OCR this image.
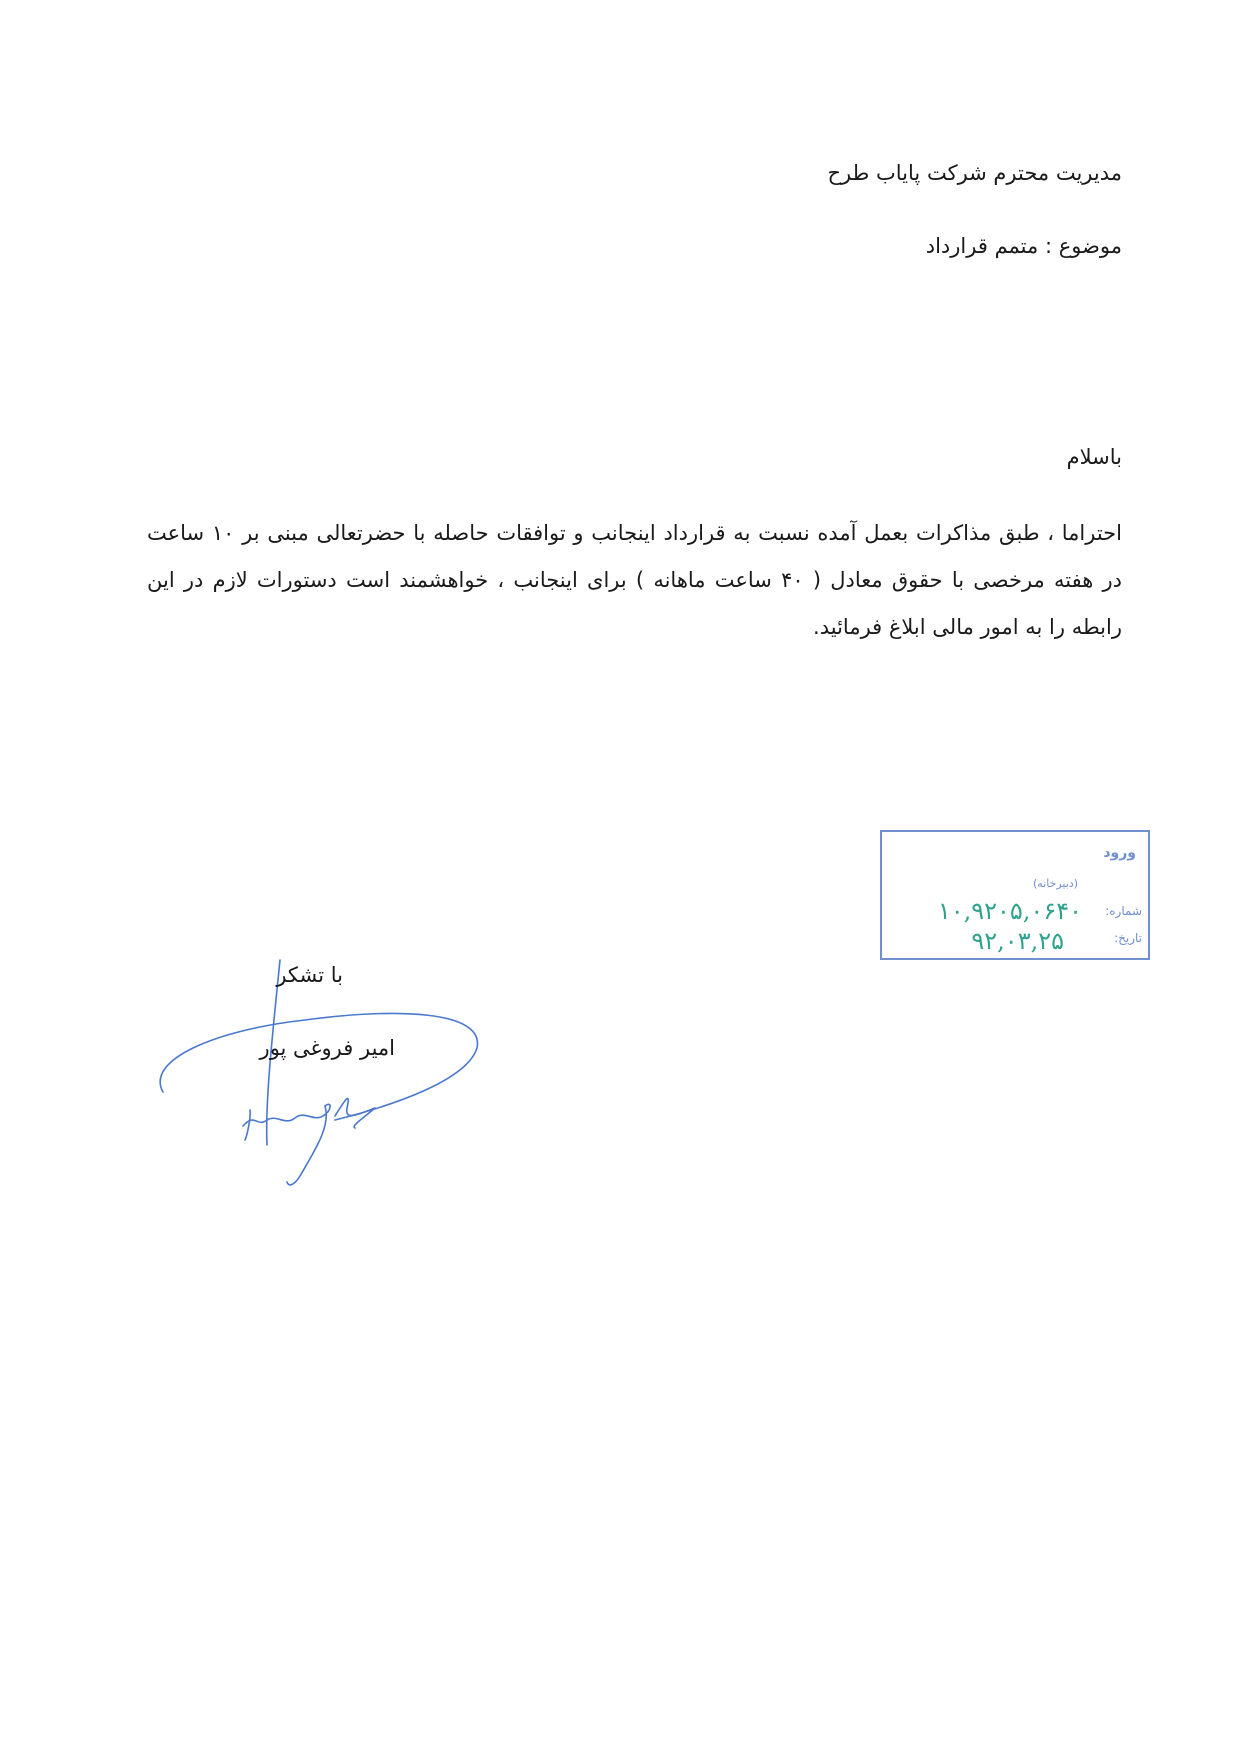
مدیریت محترم شرکت پایاب طرح
موضوع : متمم قرارداد
باسلام
احتراما ، طبق مذاکرات بعمل آمده نسبت به قرارداد اینجانب و توافقات حاصله با حضرتعالی مبنی بر ۱۰ ساعت در هفته مرخصی با حقوق معادل ( ۴۰ ساعت ماهانه ) برای اینجانب ، خواهشمند است دستورات لازم در این رابطه را به امور مالی ابلاغ فرمائید.
ورود
(دبیرخانه)
شماره:
۱۰,۹۲۰۵,۰۶۴۰
تاریخ:
۹۲,۰۳,۲۵
با تشکر
امیر فروغی پور
